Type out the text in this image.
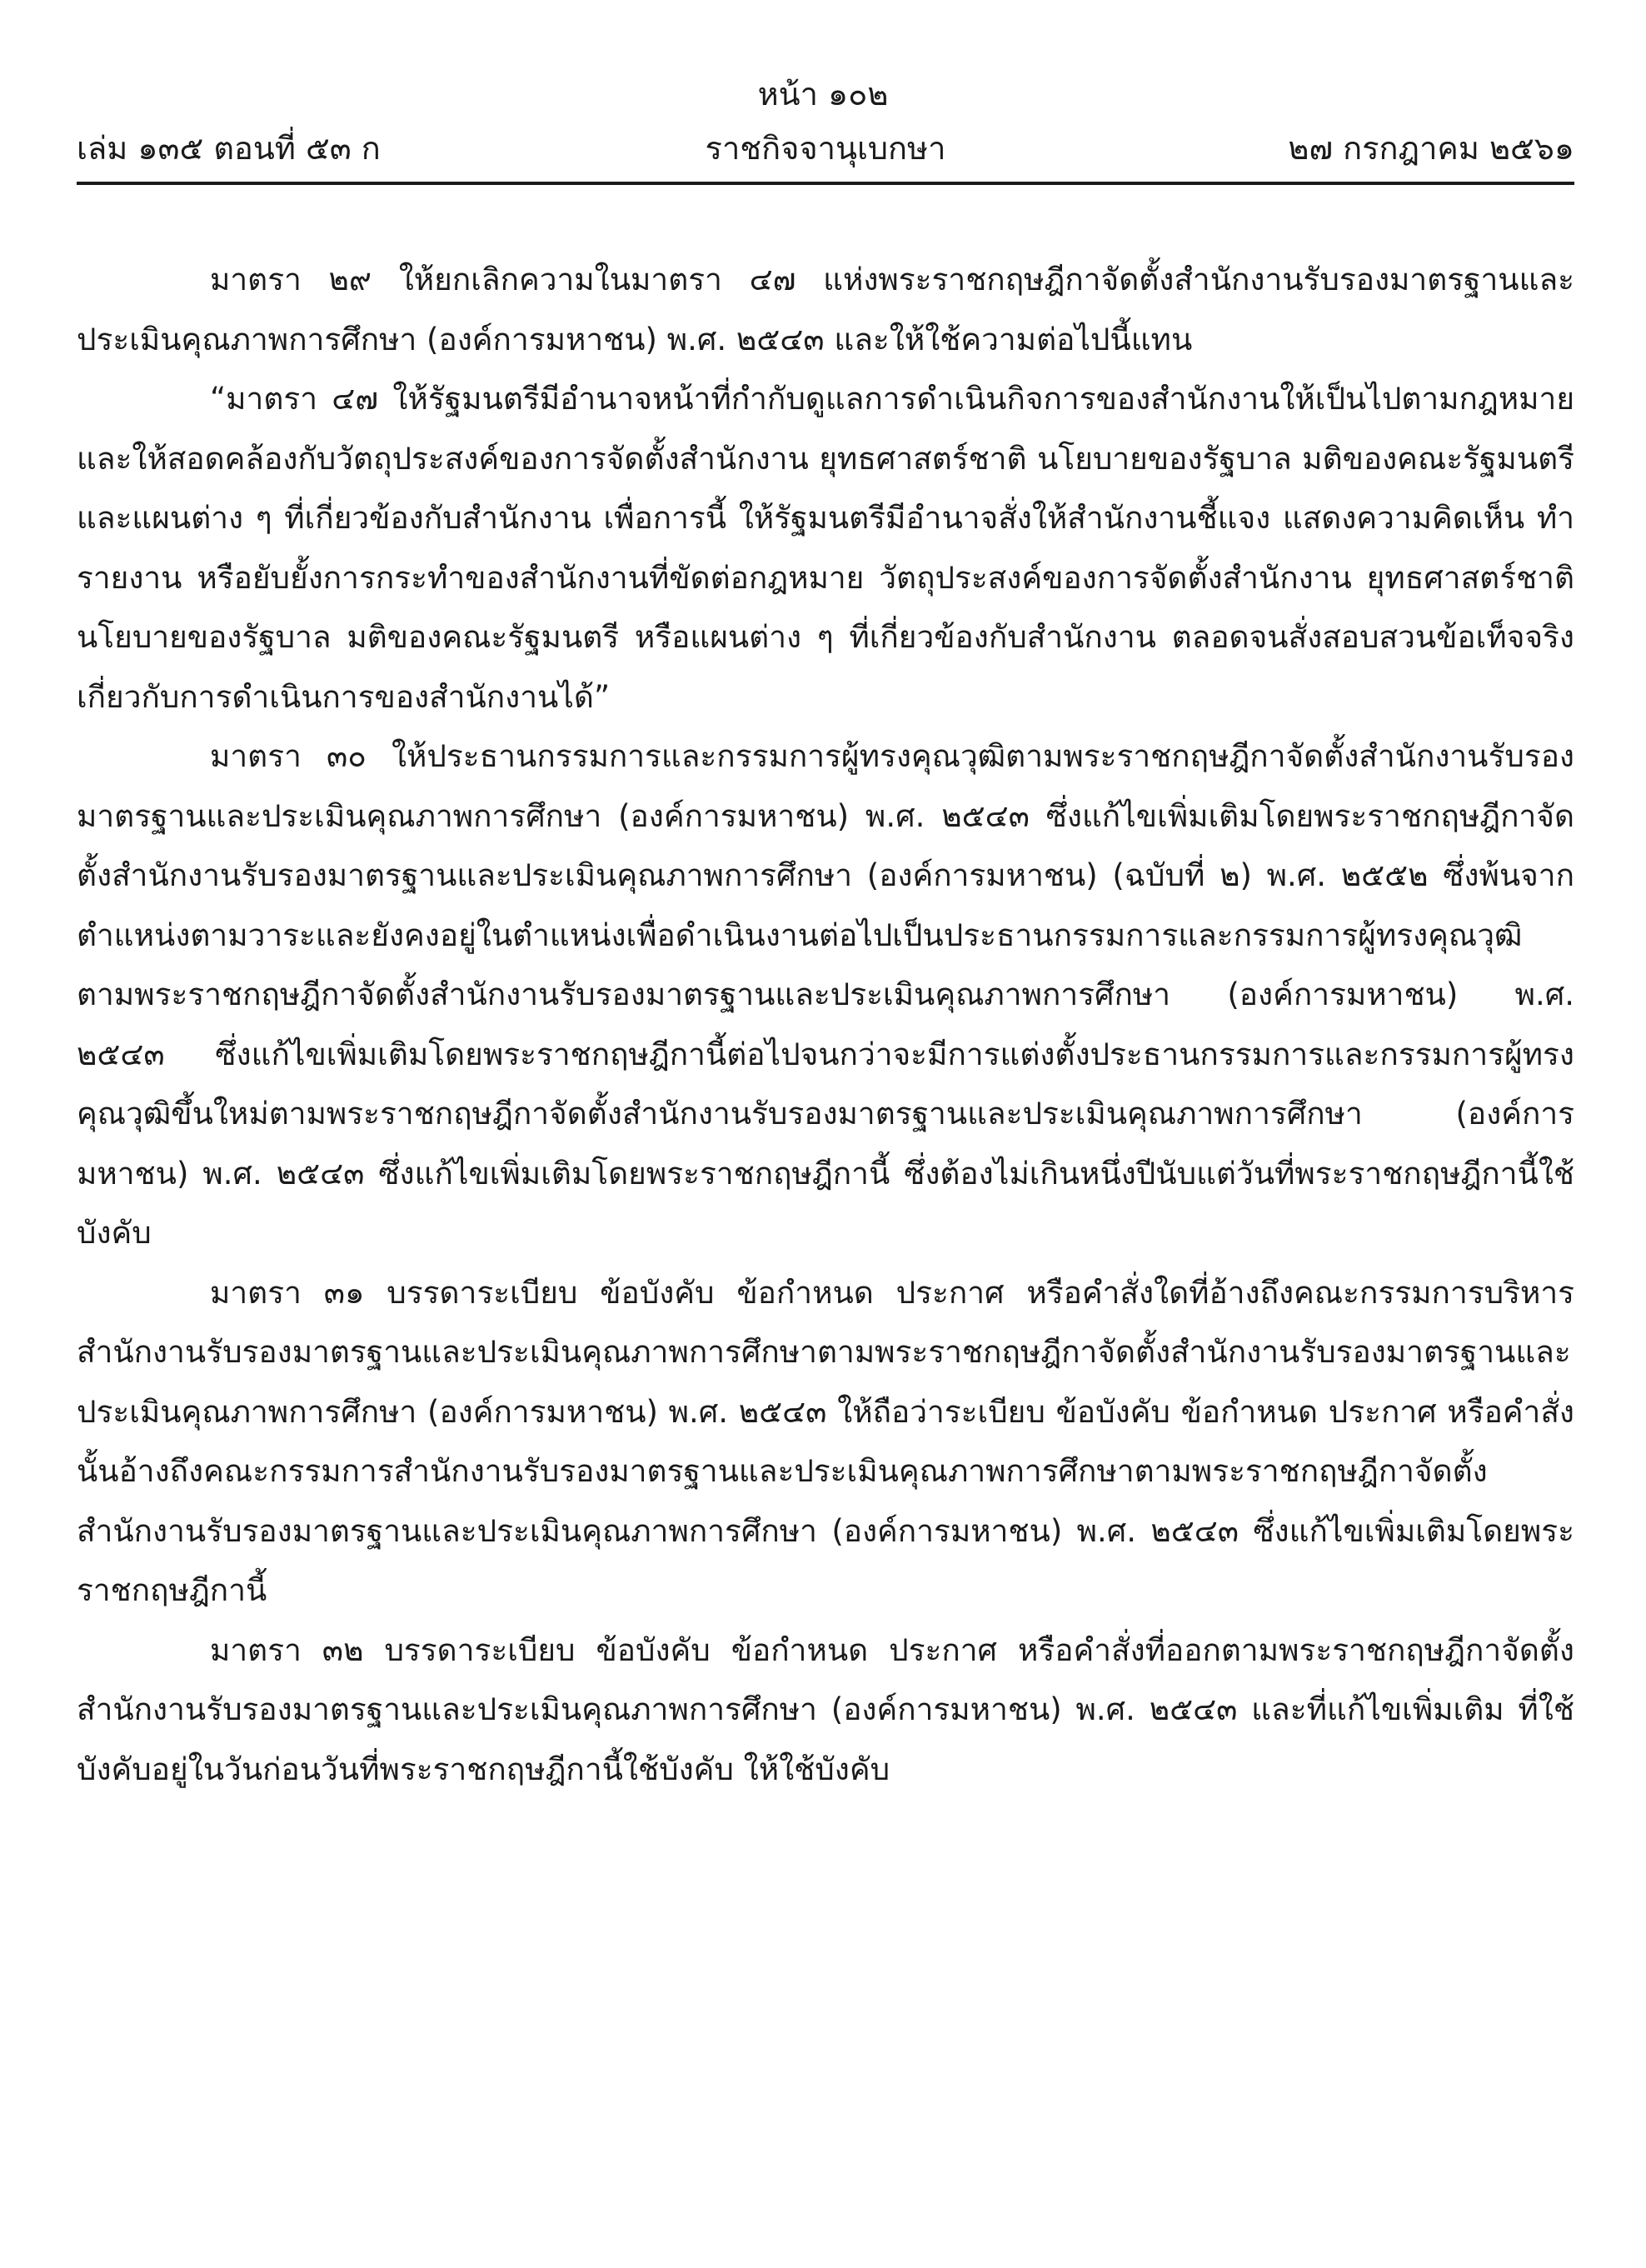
หน้า ๑๐๒
เล่ม ๑๓๕ ตอนที่ ๕๓ ก	ราชกิจจานุเบกษา	๒๗ กรกฎาคม ๒๕๖๑

มาตรา ๒๙ ให้ยกเลิกความในมาตรา ๔๗ แห่งพระราชกฤษฎีกาจัดตั้งสำนักงานรับรองมาตรฐานและประเมินคุณภาพการศึกษา (องค์การมหาชน) พ.ศ. ๒๕๔๓ และให้ใช้ความต่อไปนี้แทน

“มาตรา ๔๗ ให้รัฐมนตรีมีอำนาจหน้าที่กำกับดูแลการดำเนินกิจการของสำนักงานให้เป็นไปตามกฎหมายและให้สอดคล้องกับวัตถุประสงค์ของการจัดตั้งสำนักงาน ยุทธศาสตร์ชาติ นโยบายของรัฐบาล มติของคณะรัฐมนตรี และแผนต่าง ๆ ที่เกี่ยวข้องกับสำนักงาน เพื่อการนี้ ให้รัฐมนตรีมีอำนาจสั่งให้สำนักงานชี้แจง แสดงความคิดเห็น ทำรายงาน หรือยับยั้งการกระทำของสำนักงานที่ขัดต่อกฎหมาย วัตถุประสงค์ของการจัดตั้งสำนักงาน ยุทธศาสตร์ชาติ นโยบายของรัฐบาล มติของคณะรัฐมนตรี หรือแผนต่าง ๆ ที่เกี่ยวข้องกับสำนักงาน ตลอดจนสั่งสอบสวนข้อเท็จจริงเกี่ยวกับการดำเนินการของสำนักงานได้”

มาตรา ๓๐ ให้ประธานกรรมการและกรรมการผู้ทรงคุณวุฒิตามพระราชกฤษฎีกาจัดตั้งสำนักงานรับรองมาตรฐานและประเมินคุณภาพการศึกษา (องค์การมหาชน) พ.ศ. ๒๕๔๓ ซึ่งแก้ไขเพิ่มเติมโดยพระราชกฤษฎีกาจัดตั้งสำนักงานรับรองมาตรฐานและประเมินคุณภาพการศึกษา (องค์การมหาชน) (ฉบับที่ ๒) พ.ศ. ๒๕๕๒ ซึ่งพ้นจากตำแหน่งตามวาระและยังคงอยู่ในตำแหน่งเพื่อดำเนินงานต่อไปเป็นประธานกรรมการและกรรมการผู้ทรงคุณวุฒิตามพระราชกฤษฎีกาจัดตั้งสำนักงานรับรองมาตรฐานและประเมินคุณภาพการศึกษา (องค์การมหาชน) พ.ศ. ๒๕๔๓ ซึ่งแก้ไขเพิ่มเติมโดยพระราชกฤษฎีกานี้ต่อไปจนกว่าจะมีการแต่งตั้งประธานกรรมการและกรรมการผู้ทรงคุณวุฒิขึ้นใหม่ตามพระราชกฤษฎีกาจัดตั้งสำนักงานรับรองมาตรฐานและประเมินคุณภาพการศึกษา (องค์การมหาชน) พ.ศ. ๒๕๔๓ ซึ่งแก้ไขเพิ่มเติมโดยพระราชกฤษฎีกานี้ ซึ่งต้องไม่เกินหนึ่งปีนับแต่วันที่พระราชกฤษฎีกานี้ใช้บังคับ

มาตรา ๓๑ บรรดาระเบียบ ข้อบังคับ ข้อกำหนด ประกาศ หรือคำสั่งใดที่อ้างถึงคณะกรรมการบริหารสำนักงานรับรองมาตรฐานและประเมินคุณภาพการศึกษาตามพระราชกฤษฎีกาจัดตั้งสำนักงานรับรองมาตรฐานและประเมินคุณภาพการศึกษา (องค์การมหาชน) พ.ศ. ๒๕๔๓ ให้ถือว่าระเบียบ ข้อบังคับ ข้อกำหนด ประกาศ หรือคำสั่งนั้นอ้างถึงคณะกรรมการสำนักงานรับรองมาตรฐานและประเมินคุณภาพการศึกษาตามพระราชกฤษฎีกาจัดตั้งสำนักงานรับรองมาตรฐานและประเมินคุณภาพการศึกษา (องค์การมหาชน) พ.ศ. ๒๕๔๓ ซึ่งแก้ไขเพิ่มเติมโดยพระราชกฤษฎีกานี้

มาตรา ๓๒ บรรดาระเบียบ ข้อบังคับ ข้อกำหนด ประกาศ หรือคำสั่งที่ออกตามพระราชกฤษฎีกาจัดตั้งสำนักงานรับรองมาตรฐานและประเมินคุณภาพการศึกษา (องค์การมหาชน) พ.ศ. ๒๕๔๓ และที่แก้ไขเพิ่มเติม ที่ใช้บังคับอยู่ในวันก่อนวันที่พระราชกฤษฎีกานี้ใช้บังคับ ให้ใช้บังคับ
